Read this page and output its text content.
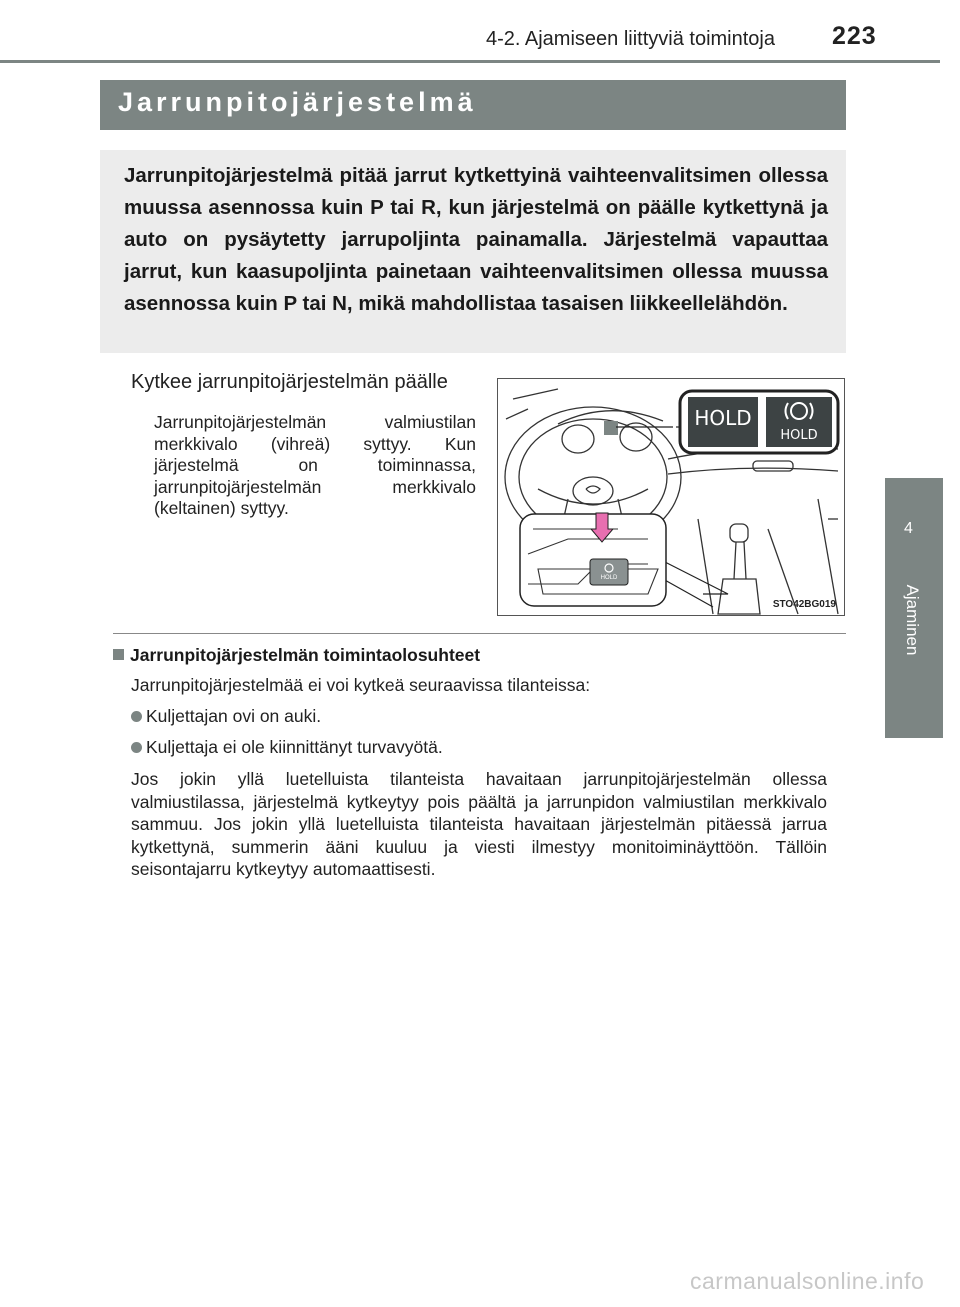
4-2. Ajamiseen liittyviä toimintoja 223
4
Ajaminen
Jarrunpitojärjestelmä
Jarrunpitojärjestelmä pitää jarrut kytkettyinä vaihteenvalitsimen ollessa muussa asennossa kuin P tai R, kun järjestelmä on päälle kytkettynä ja auto on pysäytetty jarrupoljinta painamalla. Järjestelmä vapauttaa jarrut, kun kaasupoljinta painetaan vaihteenvalitsimen ollessa muussa asennossa kuin P tai N, mikä mahdollistaa tasaisen liikkeellelähdön.
Kytkee jarrunpitojärjestelmän päälle
Jarrunpitojärjestelmän valmiustilan merkkivalo (vihreä) syttyy. Kun järjestelmä on toiminnassa, jarrunpitojärjestelmän merkkivalo (keltainen) syttyy.
HOLD
HOLD
HOLD
STO42BG019
Jarrunpitojärjestelmän toimintaolosuhteet
Jarrunpitojärjestelmää ei voi kytkeä seuraavissa tilanteissa:
Kuljettajan ovi on auki.
Kuljettaja ei ole kiinnittänyt turvavyötä.
Jos jokin yllä luetelluista tilanteista havaitaan jarrunpitojärjestelmän ollessa valmiustilassa, järjestelmä kytkeytyy pois päältä ja jarrunpidon valmiustilan merkkivalo sammuu. Jos jokin yllä luetelluista tilanteista havaitaan järjestelmän pitäessä jarrua kytkettynä, summerin ääni kuuluu ja viesti ilmestyy monitoiminäyttöön. Tällöin seisontajarru kytkeytyy automaattisesti.
carmanualsonline.info
